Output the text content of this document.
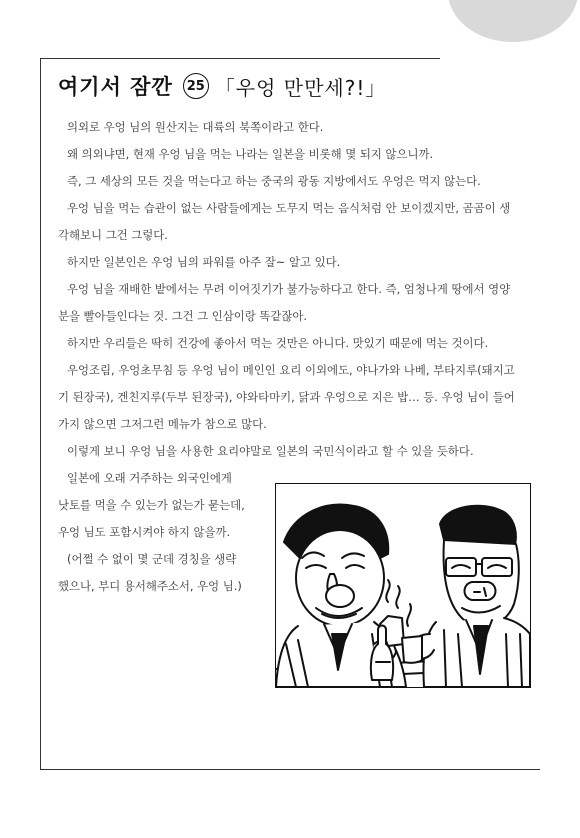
여기서 잠깐	25 「우엉 만만세?!」

의외로 우엉 님의 원산지는 대륙의 북쪽이라고 한다.

왜 의외냐면, 현재 우엉 님을 먹는 나라는 일본을 비롯해 몇 되지 않으니까.

즉, 그 세상의 모든 것을 먹는다고 하는 중국의 광동 지방에서도 우엉은 먹지 않는다.

우엉 님을 먹는 습관이 없는 사람들에게는 도무지 먹는 음식처럼 안 보이겠지만, 곰곰이 생

각해보니 그건 그렇다.

하지만 일본인은 우엉 님의 파워를 아주 잘~ 알고 있다.

우엉 님을 재배한 밭에서는 무려 이어짓기가 불가능하다고 한다. 즉, 엄청나게 땅에서 영양

분을 빨아들인다는 것. 그건 그 인삼이랑 똑같잖아.

하지만 우리들은 딱히 건강에 좋아서 먹는 것만은 아니다. 맛있기 때문에 먹는 것이다.

우엉조림, 우엉초무침 등 우엉 님이 메인인 요리 이외에도, 야나가와 나베, 부타지루(돼지고

기 된장국), 겐친지루(두부 된장국), 야와타마키, 닭과 우엉으로 지은 밥… 등. 우엉 님이 들어

가지 않으면 그저그런 메뉴가 참으로 많다.

이렇게 보니 우엉 님을 사용한 요리야말로 일본의 국민식이라고 할 수 있을 듯하다.

일본에 오래 거주하는 외국인에게

낫토를 먹을 수 있는가 없는가 묻는데,

우엉 님도 포함시켜야 하지 않을까.

(어쩔 수 없이 몇 군데 경칭을 생략

했으나, 부디 용서해주소서, 우엉 님.)
